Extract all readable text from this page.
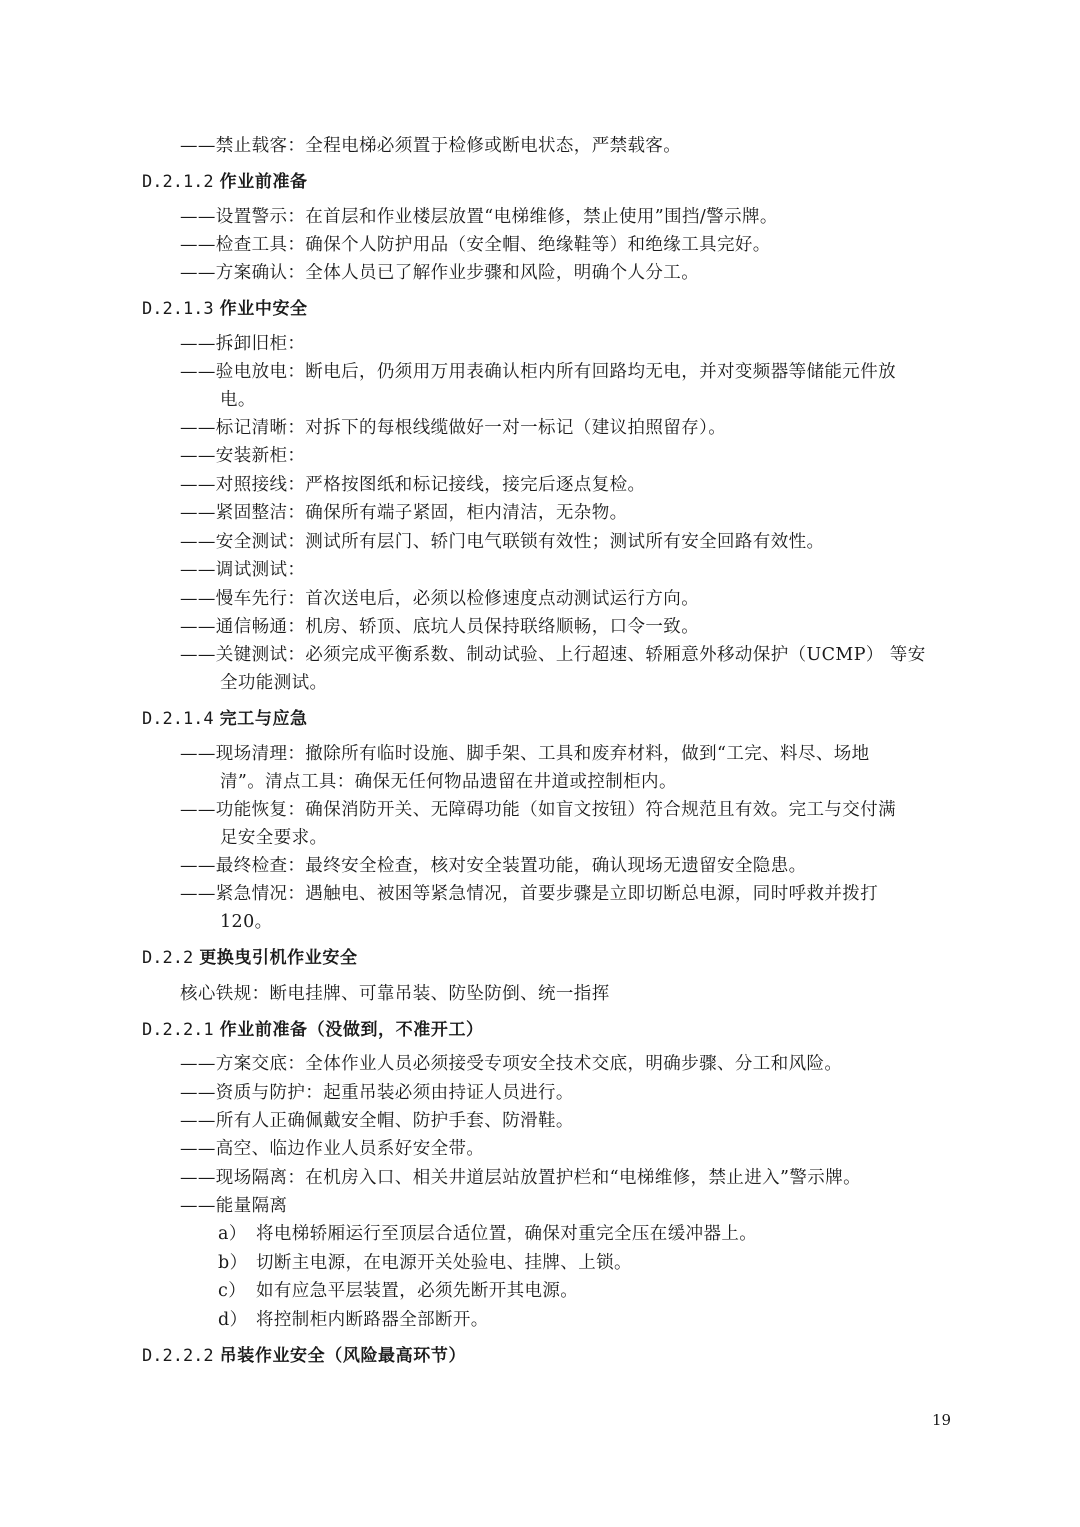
——禁止载客：全程电梯必须置于检修或断电状态，严禁载客。
D.2.1.2 作业前准备
——设置警示：在首层和作业楼层放置“电梯维修，禁止使用”围挡/警示牌。
——检查工具：确保个人防护用品（安全帽、绝缘鞋等）和绝缘工具完好。
——方案确认：全体人员已了解作业步骤和风险，明确个人分工。
D.2.1.3 作业中安全
——拆卸旧柜：
——验电放电：断电后，仍须用万用表确认柜内所有回路均无电，并对变频器等储能元件放
电。
——标记清晰：对拆下的每根线缆做好一对一标记（建议拍照留存）。
——安装新柜：
——对照接线：严格按图纸和标记接线，接完后逐点复检。
——紧固整洁：确保所有端子紧固，柜内清洁，无杂物。
——安全测试：测试所有层门、轿门电气联锁有效性；测试所有安全回路有效性。
——调试测试：
——慢车先行：首次送电后，必须以检修速度点动测试运行方向。
——通信畅通：机房、轿顶、底坑人员保持联络顺畅，口令一致。
——关键测试：必须完成平衡系数、制动试验、上行超速、轿厢意外移动保护（UCMP） 等安
全功能测试。
D.2.1.4 完工与应急
——现场清理：撤除所有临时设施、脚手架、工具和废弃材料，做到“工完、料尽、场地
清”。清点工具：确保无任何物品遗留在井道或控制柜内。
——功能恢复：确保消防开关、无障碍功能（如盲文按钮）符合规范且有效。完工与交付满
足安全要求。
——最终检查：最终安全检查，核对安全装置功能，确认现场无遗留安全隐患。
——紧急情况：遇触电、被困等紧急情况，首要步骤是立即切断总电源，同时呼救并拨打
120。
D.2.2 更换曳引机作业安全
核心铁规：断电挂牌、可靠吊装、防坠防倒、统一指挥
D.2.2.1 作业前准备（没做到，不准开工）
——方案交底：全体作业人员必须接受专项安全技术交底，明确步骤、分工和风险。
——资质与防护：起重吊装必须由持证人员进行。
——所有人正确佩戴安全帽、防护手套、防滑鞋。
——高空、临边作业人员系好安全带。
——现场隔离：在机房入口、相关井道层站放置护栏和“电梯维修，禁止进入”警示牌。
——能量隔离
a） 将电梯轿厢运行至顶层合适位置，确保对重完全压在缓冲器上。
b） 切断主电源，在电源开关处验电、挂牌、上锁。
c） 如有应急平层装置，必须先断开其电源。
d） 将控制柜内断路器全部断开。
D.2.2.2 吊装作业安全（风险最高环节）
19
